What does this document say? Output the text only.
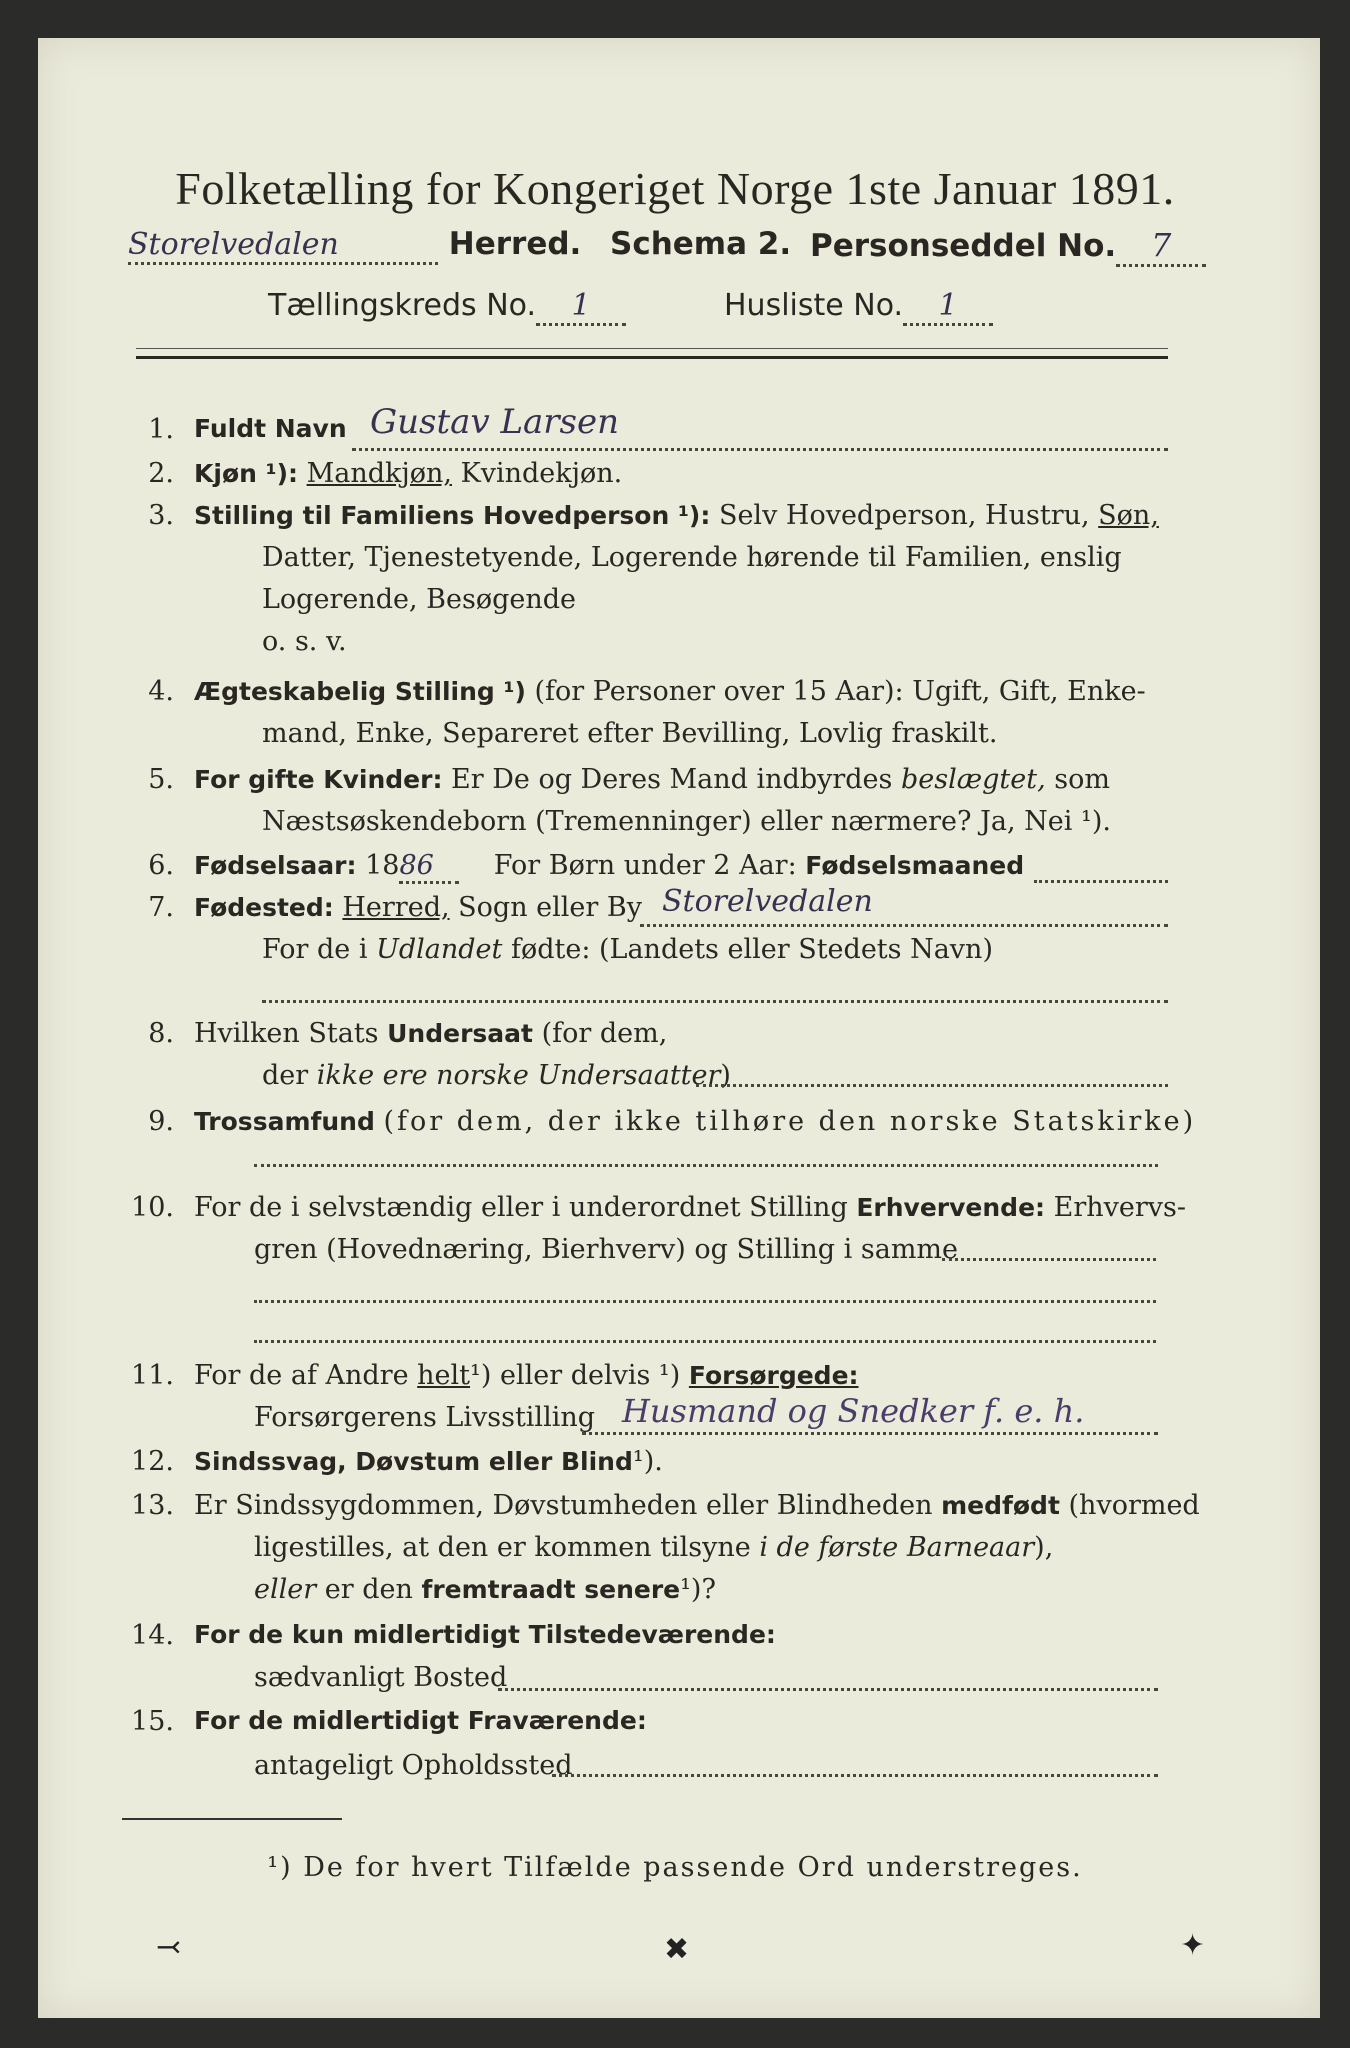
Folketælling for Kongeriget Norge 1ste Januar 1891.
Storelvedalen	Herred. Schema 2. Personseddel No. 7
Tællingskreds No. 1	Husliste No. 1
1. Fuldt Navn Gustav Larsen
2. Kjøn ¹): Mandkjøn, Kvindekjøn.
3. Stilling til Familiens Hovedperson ¹): Selv Hovedperson, Hustru, Søn,
Datter, Tjenestetyende, Logerende hørende til Familien, enslig
Logerende, Besøgende
o. s. v.
4. Ægteskabelig Stilling ¹) (for Personer over 15 Aar): Ugift, Gift, Enke-
mand, Enke, Separeret efter Bevilling, Lovlig fraskilt.
5. For gifte Kvinder: Er De og Deres Mand indbyrdes beslægtet, som
Næstsøskendeborn (Tremenninger) eller nærmere? Ja, Nei ¹).
6. Fødselsaar: 1886 For Børn under 2 Aar: Fødselsmaaned
7. Fødested: Herred, Sogn eller By Storelvedalen
For de i Udlandet fødte: (Landets eller Stedets Navn)
8. Hvilken Stats Undersaat (for dem,
der ikke ere norske Undersaatter)
9. Trossamfund (for dem, der ikke tilhøre den norske Statskirke)
10. For de i selvstændig eller i underordnet Stilling Erhvervende: Erhvervs-
gren (Hovednæring, Bierhverv) og Stilling i samme
11. For de af Andre helt¹) eller delvis ¹) Forsørgede:
Forsørgerens Livsstilling Husmand og Snedker f. e. h.
12. Sindssvag, Døvstum eller Blind¹).
13. Er Sindssygdommen, Døvstumheden eller Blindheden medfødt (hvormed
ligestilles, at den er kommen tilsyne i de første Barneaar),
eller er den fremtraadt senere¹)?
14. For de kun midlertidigt Tilstedeværende:
sædvanligt Bosted
15. For de midlertidigt Fraværende:
antageligt Opholdssted
¹) De for hvert Tilfælde passende Ord understreges.
⤙	✖	✦
